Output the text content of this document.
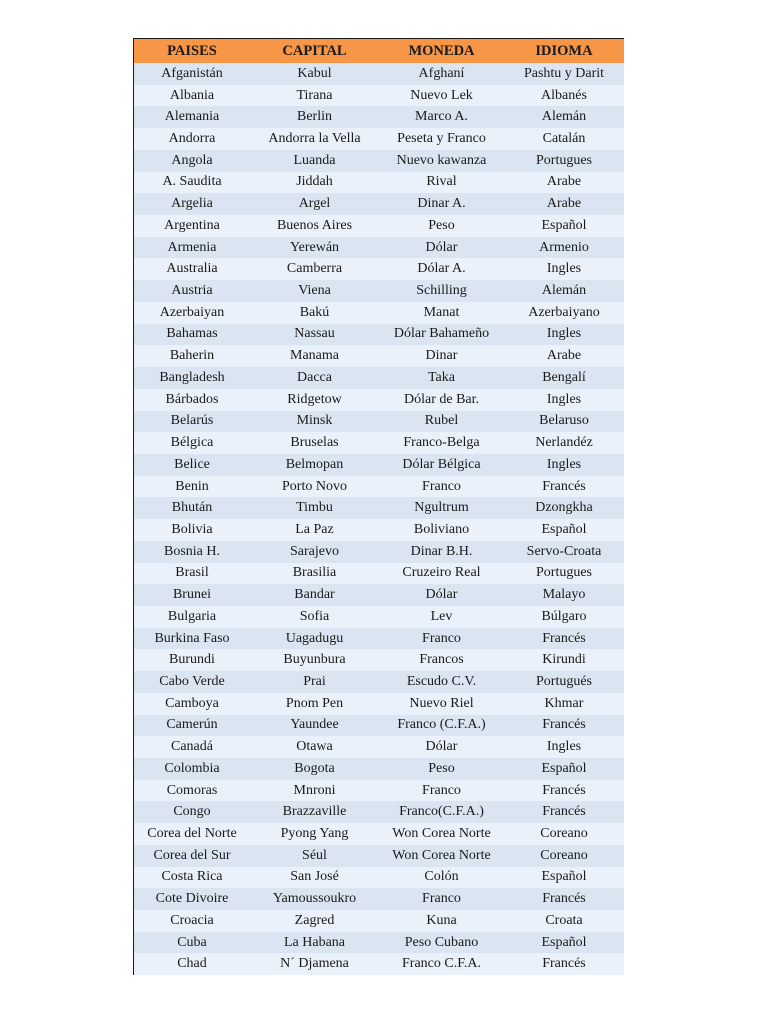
PAISES	CAPITAL	MONEDA	IDIOMA
Afganistán	Kabul	Afghaní	Pashtu y Darit
Albania	Tirana	Nuevo Lek	Albanés
Alemania	Berlin	Marco A.	Alemán
Andorra	Andorra la Vella	Peseta y Franco	Catalán
Angola	Luanda	Nuevo kawanza	Portugues
A. Saudita	Jiddah	Rival	Arabe
Argelia	Argel	Dinar A.	Arabe
Argentina	Buenos Aires	Peso	Español
Armenia	Yerewán	Dólar	Armenio
Australia	Camberra	Dólar A.	Ingles
Austria	Viena	Schilling	Alemán
Azerbaiyan	Bakú	Manat	Azerbaiyano
Bahamas	Nassau	Dólar Bahameño	Ingles
Baherin	Manama	Dinar	Arabe
Bangladesh	Dacca	Taka	Bengalí
Bárbados	Ridgetow	Dólar de Bar.	Ingles
Belarús	Minsk	Rubel	Belaruso
Bélgica	Bruselas	Franco-Belga	Nerlandéz
Belice	Belmopan	Dólar Bélgica	Ingles
Benin	Porto Novo	Franco	Francés
Bhután	Timbu	Ngultrum	Dzongkha
Bolivia	La Paz	Boliviano	Español
Bosnia H.	Sarajevo	Dinar B.H.	Servo-Croata
Brasil	Brasilia	Cruzeiro Real	Portugues
Brunei	Bandar	Dólar	Malayo
Bulgaria	Sofia	Lev	Búlgaro
Burkina Faso	Uagadugu	Franco	Francés
Burundi	Buyunbura	Francos	Kirundi
Cabo Verde	Prai	Escudo C.V.	Portugués
Camboya	Pnom Pen	Nuevo Riel	Khmar
Camerún	Yaundee	Franco (C.F.A.)	Francés
Canadá	Otawa	Dólar	Ingles
Colombia	Bogota	Peso	Español
Comoras	Mnroni	Franco	Francés
Congo	Brazzaville	Franco(C.F.A.)	Francés
Corea del Norte	Pyong Yang	Won Corea Norte	Coreano
Corea del Sur	Séul	Won Corea Norte	Coreano
Costa Rica	San José	Colón	Español
Cote Divoire	Yamoussoukro	Franco	Francés
Croacia	Zagred	Kuna	Croata
Cuba	La Habana	Peso Cubano	Español
Chad	N´ Djamena	Franco C.F.A.	Francés
